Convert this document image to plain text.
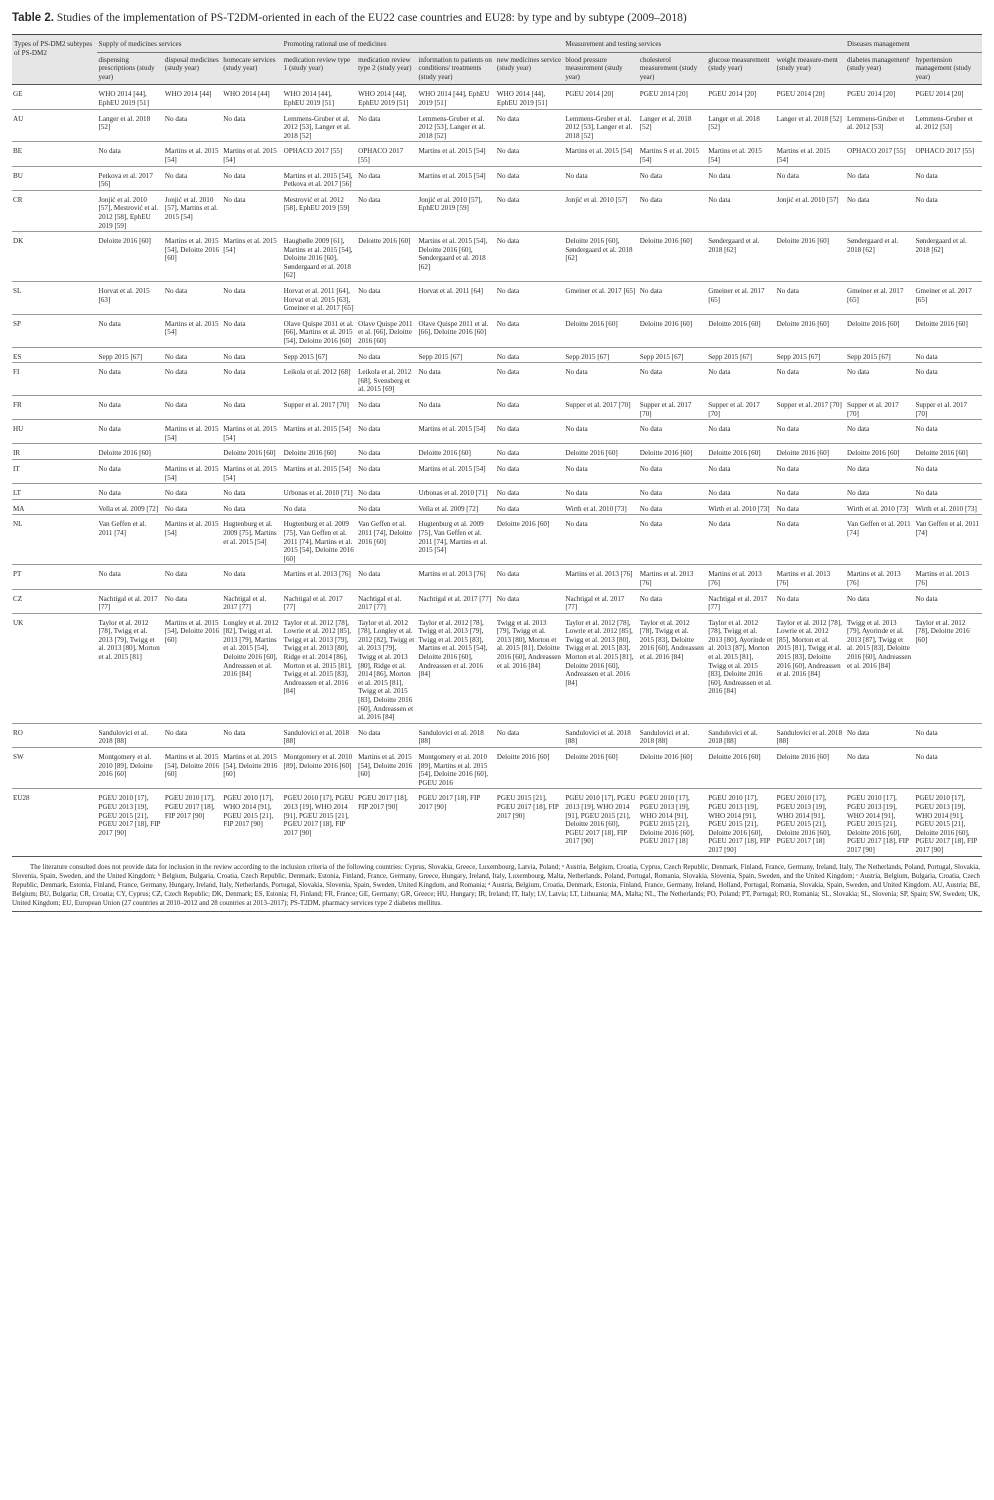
Table 2. Studies of the implementation of PS-T2DM-oriented in each of the EU22 case countries and EU28: by type and by subtype (2009–2018)
Types of PS-DM2 subtypes of PS-DM2	Supply of medicines services			Promoting rational use of medicines				Measurement and testing services				Diseases management	
	dispensing prescriptions (study year)	disposal medicines (study year)	homecare services (study year)	medication review type 1 (study year)	medication review type 2 (study year)	information to patients on conditions/ treatments (study year)	new medicines service (study year)	blood pressure measurement (study year)	cholesterol measurement (study year)	glucose measurement (study year)	weight measure-ment (study year)	diabetes managementᶠ (study year)	hypertension management (study year)
GE	WHO 2014 [44], EphEU 2019 [51]	WHO 2014 [44]	WHO 2014 [44]	WHO 2014 [44], EphEU 2019 [51]	WHO 2014 [44], EphEU 2019 [51]	WHO 2014 [44], EphEU 2019 [51]	WHO 2014 [44], EphEU 2019 [51]	PGEU 2014 [20]	PGEU 2014 [20]	PGEU 2014 [20]	PGEU 2014 [20]	PGEU 2014 [20]	PGEU 2014 [20]
AU	Langer et al. 2018 [52]	No data	No data	Lemmens-Gruber et al. 2012 [53], Langer et al. 2018 [52]	No data	Lemmens-Gruber et al. 2012 [53], Langer et al. 2018 [52]	No data	Lemmens-Gruber et al. 2012 [53], Langer et al. 2018 [52]	Langer et al. 2018 [52]	Langer et al. 2018 [52]	Langer et al. 2018 [52]	Lemmens-Gruber et al. 2012 [53]	Lemmens-Gruber et al. 2012 [53]
BE	No data	Martins et al. 2015 [54]	Martins et al. 2015 [54]	OPHACO 2017 [55]	OPHACO 2017 [55]	Martins et al. 2015 [54]	No data	Martins et al. 2015 [54]	Martins S et al. 2015 [54]	Martins et al. 2015 [54]	Martins et al. 2015 [54]	OPHACO 2017 [55]	OPHACO 2017 [55]
BU	Petkova et al. 2017 [56]	No data	No data	Martins et al. 2015 [54], Petkova et al. 2017 [56]	No data	Martins et al. 2015 [54]	No data	No data	No data	No data	No data	No data	No data
CR	Jonjić et al. 2010 [57], Mestrović et al. 2012 [58], EphEU 2019 [59]	Jonjić et al. 2010 [57], Martins et al. 2015 [54]	No data	Mestrović et al. 2012 [58], EphEU 2019 [59]	No data	Jonjić et al. 2010 [57], EphEU 2019 [59]	No data	Jonjić et al. 2010 [57]	No data	No data	Jonjić et al. 2010 [57]	No data	No data
DK	Deloitte 2016 [60]	Martins et al. 2015 [54], Deloitte 2016 [60]	Martins et al. 2015 [54]	Haugbølle 2009 [61], Martins et al. 2015 [54], Deloitte 2016 [60], Søndergaard et al. 2018 [62]	Deloitte 2016 [60]	Martins et al. 2015 [54], Deloitte 2016 [60], Søndergaard et al. 2018 [62]	No data	Deloitte 2016 [60], Søndergaard et al. 2018 [62]	Deloitte 2016 [60]	Søndergaard et al. 2018 [62]	Deloitte 2016 [60]	Søndergaard et al. 2018 [62]	Søndergaard et al. 2018 [62]
SL	Horvat et al. 2015 [63]	No data	No data	Horvat et al. 2011 [64], Horvat et al. 2015 [63], Gmeiner et al. 2017 [65]	No data	Horvat et al. 2011 [64]	No data	Gmeiner et al. 2017 [65]	No data	Gmeiner et al. 2017 [65]	No data	Gmeiner et al. 2017 [65]	Gmeiner et al. 2017 [65]
SP	No data	Martins et al. 2015 [54]	No data	Olave Quispe 2011 et al. [66], Martins et al. 2015 [54], Deloitte 2016 [60]	Olave Quispe 2011 et al. [66], Deloitte 2016 [60]	Olave Quispe 2011 et al. [66], Deloitte 2016 [60]	No data	Deloitte 2016 [60]	Deloitte 2016 [60]	Deloitte 2016 [60]	Deloitte 2016 [60]	Deloitte 2016 [60]	Deloitte 2016 [60]
ES	Sepp 2015 [67]	No data	No data	Sepp 2015 [67]	No data	Sepp 2015 [67]	No data	Sepp 2015 [67]	Sepp 2015 [67]	Sepp 2015 [67]	Sepp 2015 [67]	Sepp 2015 [67]	No data
FI	No data	No data	No data	Leikola et al. 2012 [68]	Leikola et al. 2012 [68], Svensberg et al. 2015 [69]	No data	No data	No data	No data	No data	No data	No data	No data
FR	No data	No data	No data	Supper et al. 2017 [70]	No data	No data	No data	Supper et al. 2017 [70]	Supper et al. 2017 [70]	Supper et al. 2017 [70]	Supper et al. 2017 [70]	Supper et al. 2017 [70]	Supper et al. 2017 [70]
HU	No data	Martins et al. 2015 [54]	Martins et al. 2015 [54]	Martins et al. 2015 [54]	No data	Martins et al. 2015 [54]	No data	No data	No data	No data	No data	No data	No data
IR	Deloitte 2016 [60]		Deloitte 2016 [60]	Deloitte 2016 [60]	No data	Deloitte 2016 [60]	No data	Deloitte 2016 [60]	Deloitte 2016 [60]	Deloitte 2016 [60]	Deloitte 2016 [60]	Deloitte 2016 [60]	Deloitte 2016 [60]
IT	No data	Martins et al. 2015 [54]	Martins et al. 2015 [54]	Martins et al. 2015 [54]	No data	Martins et al. 2015 [54]	No data	No data	No data	No data	No data	No data	No data
LT	No data	No data	No data	Urbonas et al. 2010 [71]	No data	Urbonas et al. 2010 [71]	No data	No data	No data	No data	No data	No data	No data
MA	Vella et al. 2009 [72]	No data	No data	No data	No data	Vella et al. 2009 [72]	No data	Wirth et al. 2010 [73]	No data	Wirth et al. 2010 [73]	No data	Wirth et al. 2010 [73]	Wirth et al. 2010 [73]
NL	Van Geffen et al. 2011 [74]	Martins et al. 2015 [54]	Hugtenburg et al. 2009 [75], Martins et al. 2015 [54]	Hugtenburg et al. 2009 [75], Van Geffen et al. 2011 [74], Martins et al. 2015 [54], Deloitte 2016 [60]	Van Geffen et al. 2011 [74], Deloitte 2016 [60]	Hugtenburg et al. 2009 [75], Van Geffen et al. 2011 [74], Martins et al. 2015 [54]	Deloitte 2016 [60]	No data	No data	No data	No data	Van Geffen et al. 2011 [74]	Van Geffen et al. 2011 [74]
PT	No data	No data	No data	Martins et al. 2013 [76]	No data	Martins et al. 2013 [76]	No data	Martins et al. 2013 [76]	Martins et al. 2013 [76]	Martins et al. 2013 [76]	Martins et al. 2013 [76]	Martins et al. 2013 [76]	Martins et al. 2013 [76]
CZ	Nachtigal et al. 2017 [77]	No data	Nachtigal et al. 2017 [77]	Nachtigal et al. 2017 [77]	Nachtigal et al. 2017 [77]	Nachtigal et al. 2017 [77]	No data	Nachtigal et al. 2017 [77]	No data	Nachtigal et al. 2017 [77]	No data	No data	No data
UK	Taylor et al. 2012 [78], Twigg et al. 2013 [79], Twigg et al. 2013 [80], Morton et al. 2015 [81]	Martins et al. 2015 [54], Deloitte 2016 [60]	Longley et al. 2012 [82], Twigg et al. 2013 [79], Martins et al. 2015 [54], Deloitte 2016 [60], Andreassen et al. 2016 [84]	Taylor et al. 2012 [78], Lowrie et al. 2012 [85], Twigg et al. 2013 [79], Twigg et al. 2013 [80], Ridge et al. 2014 [86], Morton et al. 2015 [81], Twigg et al. 2015 [83], Andreassen et al. 2016 [84]	Taylor et al. 2012 [78], Longley et al. 2012 [82], Twigg et al. 2013 [79], Twigg et al. 2013 [80], Ridge et al. 2014 [86], Morton et al. 2015 [81], Twigg et al. 2015 [83], Deloitte 2016 [60], Andreassen et al. 2016 [84]	Taylor et al. 2012 [78], Twigg et al. 2013 [79], Twigg et al. 2015 [83], Martins et al. 2015 [54], Deloitte 2016 [60], Andreassen et al. 2016 [84]	Twigg et al. 2013 [79], Twigg et al. 2013 [80], Morton et al. 2015 [81], Deloitte 2016 [60], Andreassen et al. 2016 [84]	Taylor et al. 2012 [78], Lowrie et al. 2012 [85], Twigg et al. 2013 [80], Twigg et al. 2015 [83], Morton et al. 2015 [81], Deloitte 2016 [60], Andreassen et al. 2016 [84]	Taylor et al. 2012 [78], Twigg et al. 2015 [83], Deloitte 2016 [60], Andreassen et al. 2016 [84]	Taylor et al. 2012 [78], Twigg et al. 2013 [80], Ayorinde et al. 2013 [87], Morton et al. 2015 [81], Twigg et al. 2015 [83], Deloitte 2016 [60], Andreassen et al. 2016 [84]	Taylor et al. 2012 [78], Lowrie et al. 2012 [85], Morton et al. 2015 [81], Twigg et al. 2015 [83], Deloitte 2016 [60], Andreassen et al. 2016 [84]	Twigg et al. 2013 [79], Ayorinde et al. 2013 [87], Twigg et al. 2015 [83], Deloitte 2016 [60], Andreassen et al. 2016 [84]	Taylor et al. 2012 [78], Deloitte 2016 [60]
RO	Sandulovici et al. 2018 [88]	No data	No data	Sandulovici et al. 2018 [88]	No data	Sandulovici et al. 2018 [88]	No data	Sandulovici et al. 2018 [88]	Sandulovici et al. 2018 [88]	Sandulovici et al. 2018 [88]	Sandulovici et al. 2018 [88]	No data	No data
SW	Montgomery et al. 2010 [89], Deloitte 2016 [60]	Martins et al. 2015 [54], Deloitte 2016 [60]	Martins et al. 2015 [54], Deloitte 2016 [60]	Montgomery et al. 2010 [89], Deloitte 2016 [60]	Martins et al. 2015 [54], Deloitte 2016 [60]	Montgomery et al. 2010 [89], Martins et al. 2015 [54], Deloitte 2016 [60], PGEU 2016	Deloitte 2016 [60]	Deloitte 2016 [60]	Deloitte 2016 [60]	Deloitte 2016 [60]	Deloitte 2016 [60]	No data	No data
EU28	PGEU 2010 [17], PGEU 2013 [19], PGEU 2015 [21], PGEU 2017 [18], FIP 2017 [90]	PGEU 2010 [17], PGEU 2017 [18], FIP 2017 [90]	PGEU 2010 [17], WHO 2014 [91], PGEU 2015 [21], FIP 2017 [90]	PGEU 2010 [17], PGEU 2013 [19], WHO 2014 [91], PGEU 2015 [21], PGEU 2017 [18], FIP 2017 [90]	PGEU 2017 [18], FIP 2017 [90]	PGEU 2017 [18], FIP 2017 [90]	PGEU 2015 [21], PGEU 2017 [18], FIP 2017 [90]	PGEU 2010 [17], PGEU 2013 [19], WHO 2014 [91], PGEU 2015 [21], Deloitte 2016 [60], PGEU 2017 [18], FIP 2017 [90]	PGEU 2010 [17], PGEU 2013 [19], WHO 2014 [91], PGEU 2015 [21], Deloitte 2016 [60], PGEU 2017 [18]	PGEU 2010 [17], PGEU 2013 [19], WHO 2014 [91], PGEU 2015 [21], Deloitte 2016 [60], PGEU 2017 [18], FIP 2017 [90]	PGEU 2010 [17], PGEU 2013 [19], WHO 2014 [91], PGEU 2015 [21], Deloitte 2016 [60], PGEU 2017 [18]	PGEU 2010 [17], PGEU 2013 [19], WHO 2014 [91], PGEU 2015 [21], Deloitte 2016 [60], PGEU 2017 [18], FIP 2017 [90]	PGEU 2010 [17], PGEU 2013 [19], WHO 2014 [91], PGEU 2015 [21], Deloitte 2016 [60], PGEU 2017 [18], FIP 2017 [90]
The literature consulted does not provide data for inclusion in the review according to the inclusion criteria of the following countries: Cyprus, Slovakia, Greece, Luxembourg, Latvia, Poland; ᵃ Austria, Belgium, Croatia, Cyprus, Czech Republic, Denmark, Finland, France, Germany, Ireland, Italy, The Netherlands, Poland, Portugal, Slovakia, Slovenia, Spain, Sweden, and the United Kingdom; ᵇ Belgium, Bulgaria, Croatia, Czech Republic, Denmark, Estonia, Finland, France, Germany, Greece, Hungary, Ireland, Italy, Luxembourg, Malta, Netherlands, Poland, Portugal, Romania, Slovakia, Slovenia, Spain, Sweden, and the United Kingdom; ᶜ Austria, Belgium, Bulgaria, Croatia, Czech Republic, Denmark, Estonia, Finland, France, Germany, Hungary, Ireland, Italy, Netherlands, Portugal, Slovakia, Slovenia, Spain, Sweden, United Kingdom, and Romania; ᵈ Austria, Belgium, Croatia, Denmark, Estonia, Finland, France, Germany, Ireland, Holland, Portugal, Romania, Slovakia, Spain, Sweden, and United Kingdom. AU, Austria; BE, Belgium; BU, Bulgaria; CR, Croatia; CY, Cyprus; CZ, Czech Republic; DK, Denmark; ES, Estonia; FI, Finland; FR, France; GE, Germany; GR, Greece; HU, Hungary; IR, Ireland; IT, Italy; LV, Latvia; LT, Lithuania; MA, Malta; NL, The Netherlands; PO, Poland; PT, Portugal; RO, Romania; SL, Slovakia; SL, Slovenia; SP, Spain; SW, Sweden; UK, United Kingdom; EU, European Union (27 countries at 2010–2012 and 28 countries at 2013–2017); PS-T2DM, pharmacy services type 2 diabetes mellitus.
